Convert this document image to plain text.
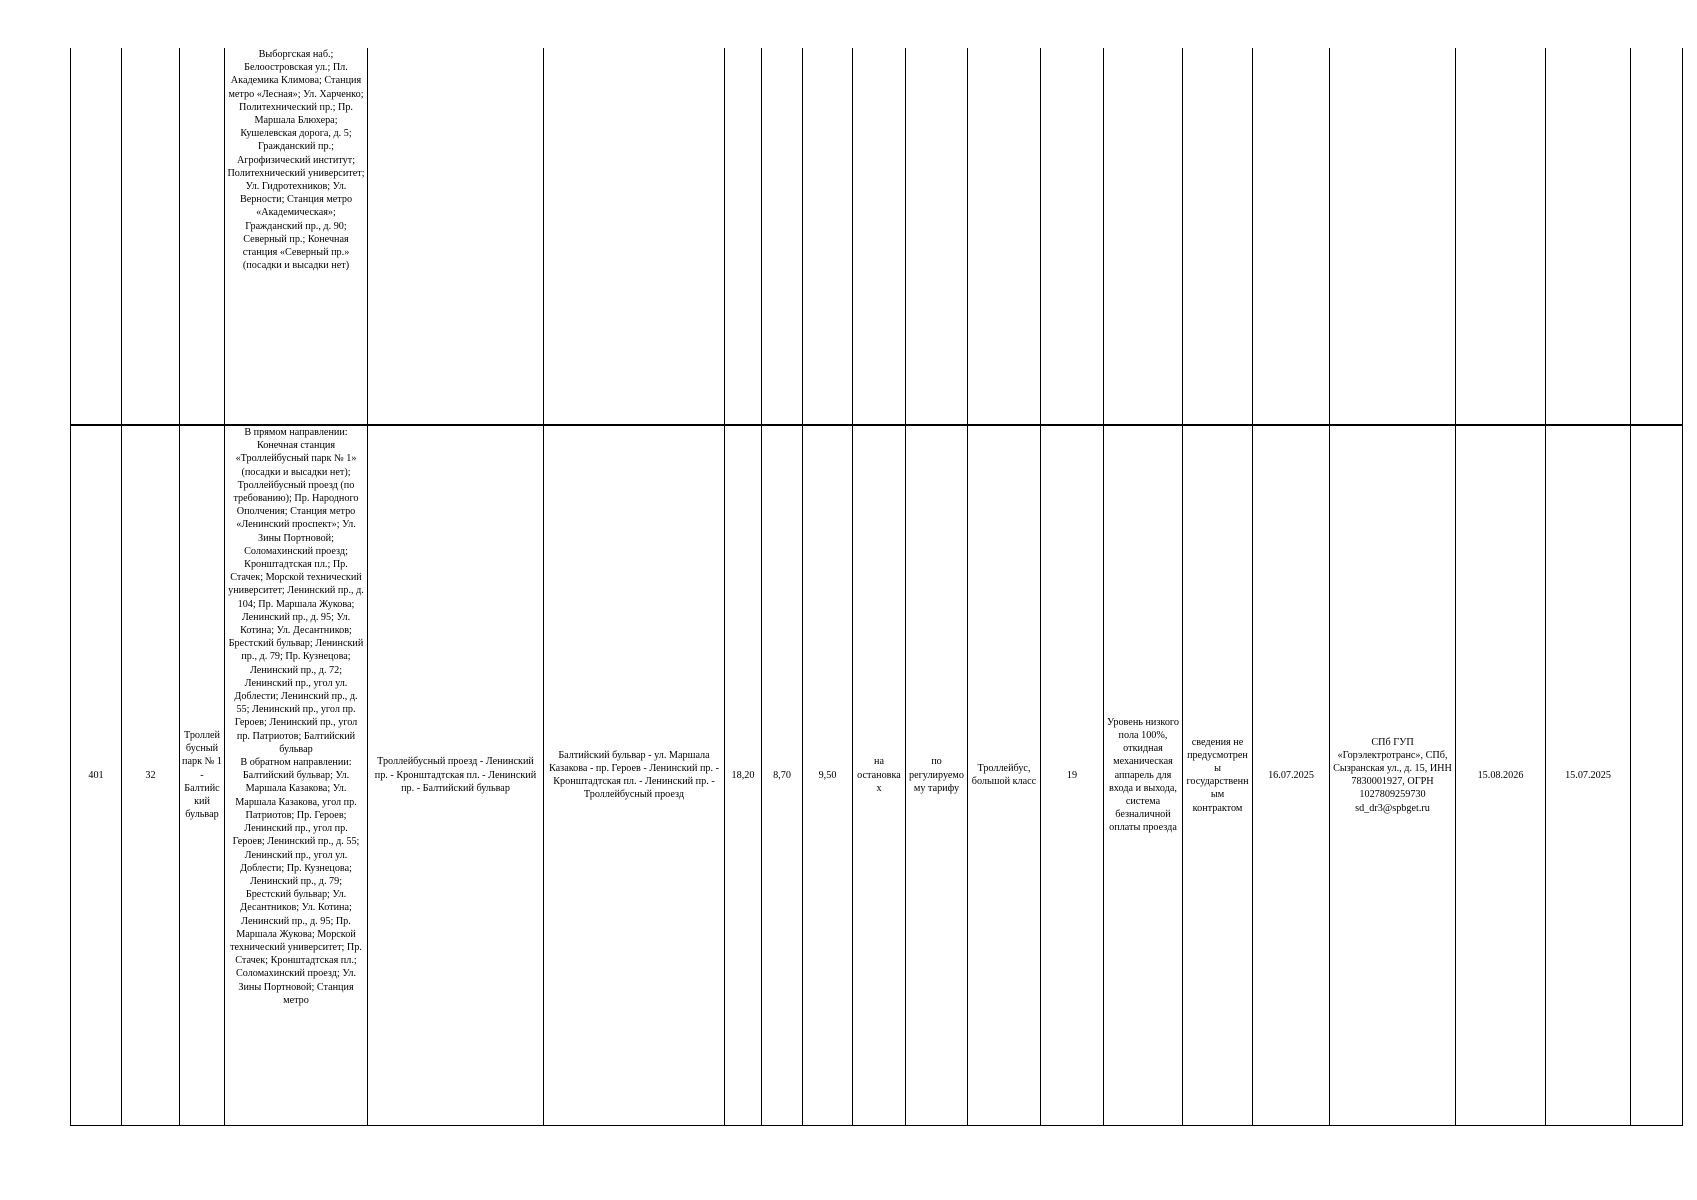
			Выборгская наб.; Белоостровская ул.; Пл. Академика Климова; Станция метро «Лесная»; Ул. Харченко; Политехнический пр.; Пр. Маршала Блюхера; Кушелевская дорога, д. 5; Гражданский пр.; Агрофизический институт; Политехнический университет; Ул. Гидротехников; Ул. Верности; Станция метро «Академическая»; Гражданский пр., д. 90; Северный пр.; Конечная станция «Северный пр.» (посадки и высадки нет)																
401	32	Троллейбусный парк № 1 - Балтийский бульвар	В прямом направлении:
Конечная станция «Троллейбусный парк № 1» (посадки и высадки нет); Троллейбусный проезд (по требованию); Пр. Народного Ополчения; Станция метро «Ленинский проспект»; Ул. Зины Портновой; Соломахинский проезд; Кронштадтская пл.; Пр. Стачек; Морской технический университет; Ленинский пр., д. 104; Пр. Маршала Жукова; Ленинский пр., д. 95; Ул. Котина; Ул. Десантников; Брестский бульвар; Ленинский пр., д. 79; Пр. Кузнецова; Ленинский пр., д. 72; Ленинский пр., угол ул. Доблести; Ленинский пр., д. 55; Ленинский пр., угол пр. Героев; Ленинский пр., угол пр. Патриотов; Балтийский бульвар
В обратном направлении:
Балтийский бульвар; Ул. Маршала Казакова; Ул. Маршала Казакова, угол пр. Патриотов; Пр. Героев; Ленинский пр., угол пр. Героев; Ленинский пр., д. 55; Ленинский пр., угол ул. Доблести; Пр. Кузнецова; Ленинский пр., д. 79; Брестский бульвар; Ул. Десантников; Ул. Котина; Ленинский пр., д. 95; Пр. Маршала Жукова; Морской технический университет; Пр. Стачек; Кронштадтская пл.; Соломахинский проезд; Ул. Зины Портновой; Станция метро	Троллейбусный проезд - Ленинский пр. - Кронштадтская пл. - Ленинский пр. - Балтийский бульвар	Балтийский бульвар - ул. Маршала Казакова - пр. Героев - Ленинский пр. - Кронштадтская пл. - Ленинский пр. - Троллейбусный проезд	18,20	8,70	9,50	на остановках	по регулируемому тарифу	Троллейбус, большой класс	19	Уровень низкого пола 100%, откидная механическая аппарель для входа и выхода, система безналичной оплаты проезда	сведения не предусмотрены государственным контрактом	16.07.2025	СПб ГУП «Горэлектротранс», СПб, Сызранская ул., д. 15, ИНН 7830001927, ОГРН 1027809259730 sd_dr3@spbget.ru	15.08.2026	15.07.2025	
